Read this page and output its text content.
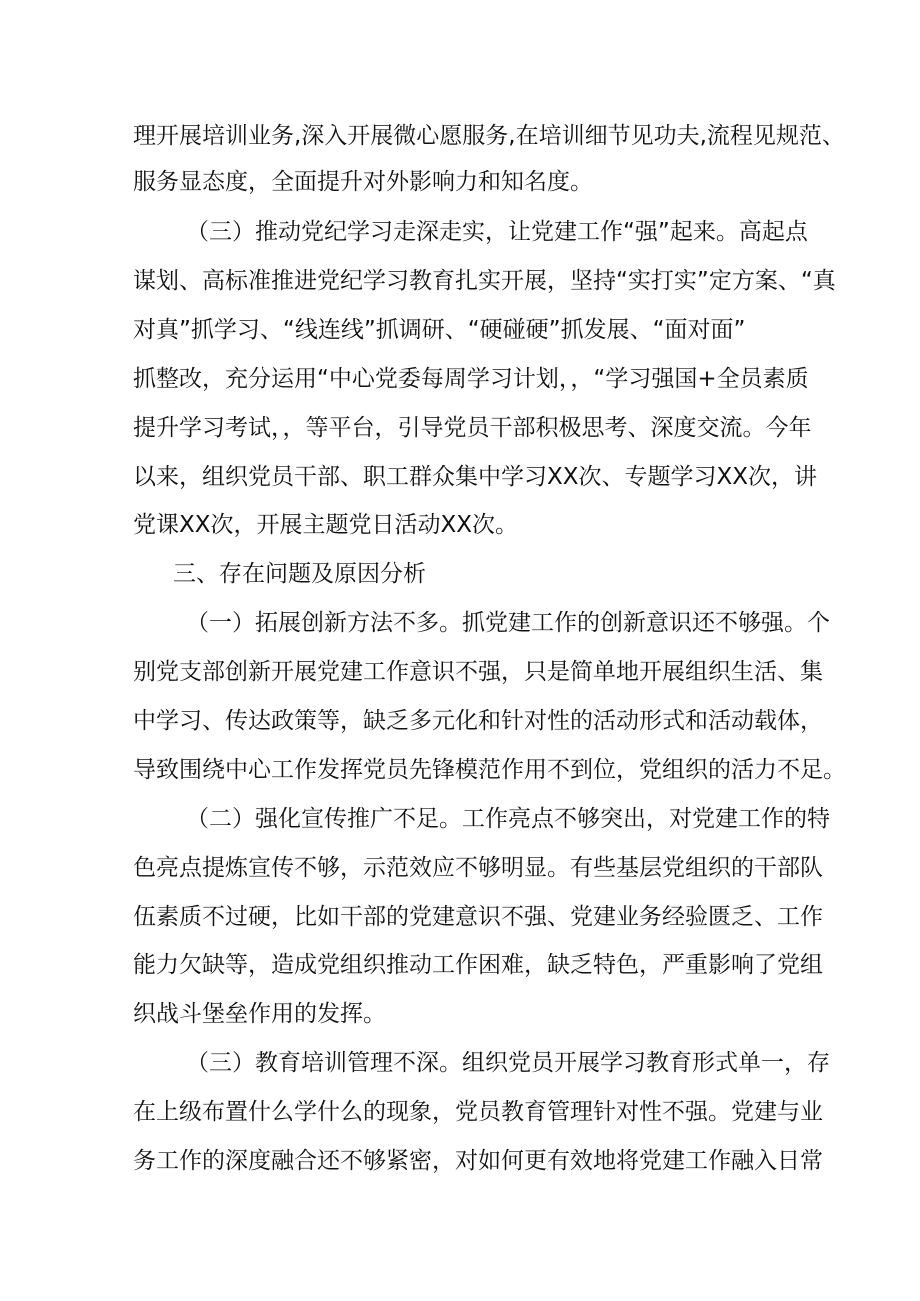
理开展培训业务,深入开展微心愿服务,在培训细节见功夫,流程见规范、
服务显态度，全面提升对外影响力和知名度。
（三）推动党纪学习走深走实，让党建工作“强”起来。高起点
谋划、高标准推进党纪学习教育扎实开展，坚持“实打实”定方案、“真
对真”抓学习、“线连线”抓调研、“硬碰硬”抓发展、“面对面”
抓整改，充分运用“中心党委每周学习计划，，“学习强国+全员素质
提升学习考试，，等平台，引导党员干部积极思考、深度交流。今年
以来，组织党员干部、职工群众集中学习XX次、专题学习XX次，讲
党课XX次，开展主题党日活动XX次。
三、存在问题及原因分析
（一）拓展创新方法不多。抓党建工作的创新意识还不够强。个
别党支部创新开展党建工作意识不强，只是简单地开展组织生活、集
中学习、传达政策等，缺乏多元化和针对性的活动形式和活动载体，
导致围绕中心工作发挥党员先锋模范作用不到位，党组织的活力不足。
（二）强化宣传推广不足。工作亮点不够突出，对党建工作的特
色亮点提炼宣传不够，示范效应不够明显。有些基层党组织的干部队
伍素质不过硬，比如干部的党建意识不强、党建业务经验匮乏、工作
能力欠缺等，造成党组织推动工作困难，缺乏特色，严重影响了党组
织战斗堡垒作用的发挥。
（三）教育培训管理不深。组织党员开展学习教育形式单一，存
在上级布置什么学什么的现象，党员教育管理针对性不强。党建与业
务工作的深度融合还不够紧密，对如何更有效地将党建工作融入日常
